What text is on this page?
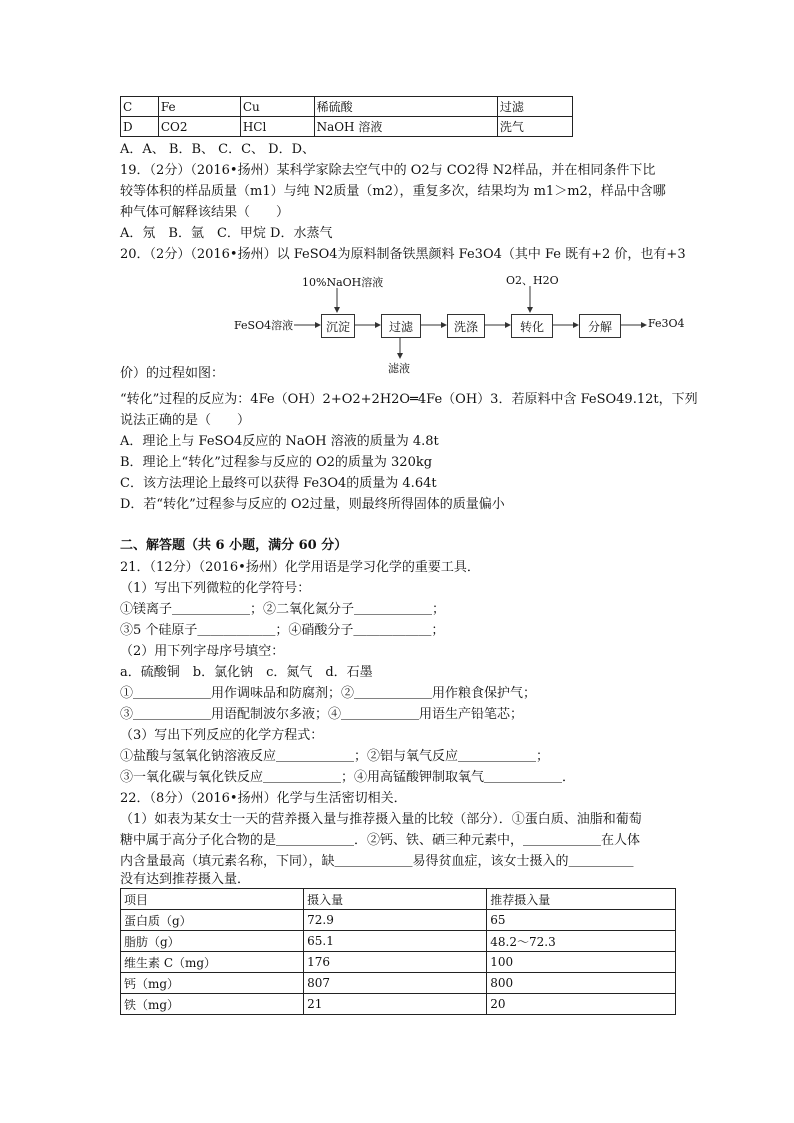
C	Fe	Cu	稀硫酸	过滤
D	CO2	HCl	NaOH 溶液	洗气
A．A、 B．B、 C．C、 D．D、
19．（2分）（2016•扬州）某科学家除去空气中的 O2与 CO2得 N2样品，并在相同条件下比
较等体积的样品质量（m1）与纯 N2质量（m2），重复多次，结果均为 m1＞m2，样品中含哪
种气体可解释该结果（　　）
A．氖　B．氩　C．甲烷 D．水蒸气
20．（2分）（2016•扬州）以 FeSO4为原料制备铁黑颜料 Fe3O4（其中 Fe 既有+2 价，也有+3
FeSO4溶液
10%NaOH溶液	O2、H2O
沉淀	过滤	洗涤	转化	分解	Fe3O4
滤液
价）的过程如图：
“转化”过程的反应为：4Fe（OH）2+O2+2H2O═4Fe（OH）3．若原料中含 FeSO49.12t，下列
说法正确的是（　　）
A．理论上与 FeSO4反应的 NaOH 溶液的质量为 4.8t
B．理论上“转化”过程参与反应的 O2的质量为 320kg
C．该方法理论上最终可以获得 Fe3O4的质量为 4.64t
D．若“转化”过程参与反应的 O2过量，则最终所得固体的质量偏小
二、解答题（共 6 小题，满分 60 分）
21．（12分）（2016•扬州）化学用语是学习化学的重要工具．
（1）写出下列微粒的化学符号：
①镁离子＿＿＿＿＿＿；②二氧化氮分子＿＿＿＿＿＿；
③5 个硅原子＿＿＿＿＿＿；④硝酸分子＿＿＿＿＿＿；
（2）用下列字母序号填空：
a．硫酸铜　b．氯化钠　c．氮气　d．石墨
①＿＿＿＿＿＿用作调味品和防腐剂；②＿＿＿＿＿＿用作粮食保护气；
③＿＿＿＿＿＿用语配制波尔多液；④＿＿＿＿＿＿用语生产铅笔芯；
（3）写出下列反应的化学方程式：
①盐酸与氢氧化钠溶液反应＿＿＿＿＿＿；②铝与氧气反应＿＿＿＿＿＿；
③一氧化碳与氧化铁反应＿＿＿＿＿＿；④用高锰酸钾制取氧气＿＿＿＿＿＿．
22．（8分）（2016•扬州）化学与生活密切相关．
（1）如表为某女士一天的营养摄入量与推荐摄入量的比较（部分）．①蛋白质、油脂和葡萄
糖中属于高分子化合物的是＿＿＿＿＿＿．②钙、铁、硒三种元素中，＿＿＿＿＿＿在人体
内含量最高（填元素名称，下同），缺＿＿＿＿＿＿易得贫血症，该女士摄入的＿＿＿＿＿
没有达到推荐摄入量．
项目	摄入量	推荐摄入量
蛋白质（g）	72.9	65
脂肪（g）	65.1	48.2～72.3
维生素 C（mg）	176	100
钙（mg）	807	800
铁（mg）	21	20
